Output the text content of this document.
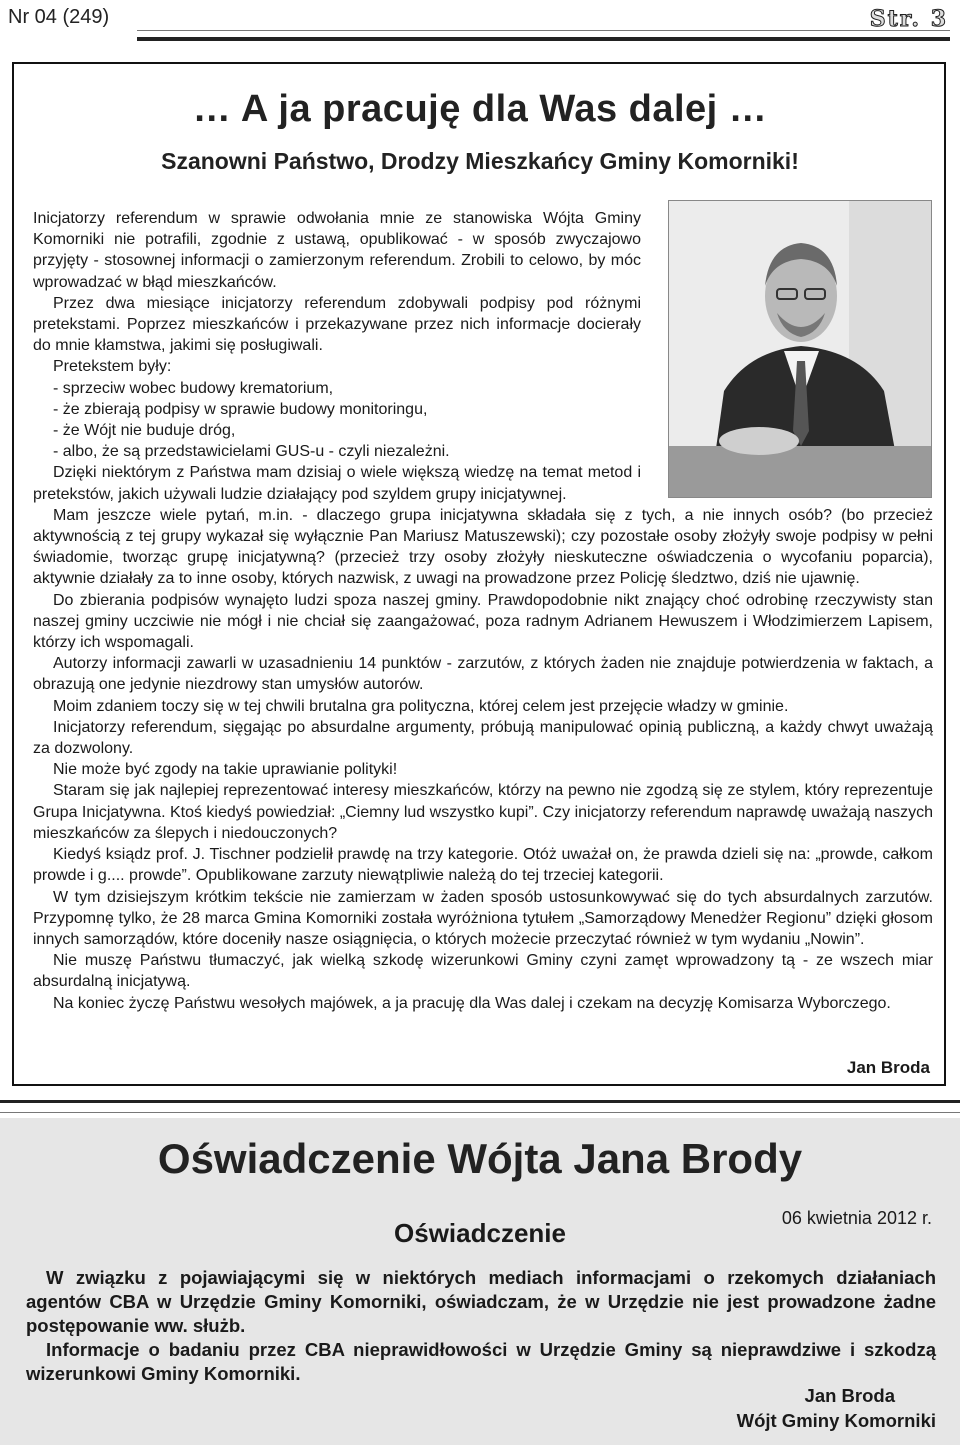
Nr 04 (249)	Str. 3
… A ja pracuję dla Was dalej …
Szanowni Państwo, Drodzy Mieszkańcy Gminy Komorniki!

Inicjatorzy referendum w sprawie odwołania mnie ze stanowiska Wójta Gminy Komorniki nie potrafili, zgodnie z ustawą, opublikować - w sposób zwyczajowo przyjęty - stosownej informacji o zamierzonym referendum. Zrobili to celowo, by móc wprowadzać w błąd mieszkańców.

Przez dwa miesiące inicjatorzy referendum zdobywali podpisy pod różnymi pretekstami. Poprzez mieszkańców i przekazywane przez nich informacje docierały do mnie kłamstwa, jakimi się posługiwali.

Pretekstem były:

- sprzeciw wobec budowy krematorium,

- że zbierają podpisy w sprawie budowy monitoringu,

- że Wójt nie buduje dróg,

- albo, że są przedstawicielami GUS-u - czyli niezależni.

Dzięki niektórym z Państwa mam dzisiaj o wiele większą wiedzę na temat metod i pretekstów, jakich używali ludzie działający pod szyldem grupy inicjatywnej.

Mam jeszcze wiele pytań, m.in. - dlaczego grupa inicjatywna składała się z tych, a nie innych osób? (bo przecież aktywnością z tej grupy wykazał się wyłącznie Pan Mariusz Matuszewski); czy pozostałe osoby złożyły swoje podpisy w pełni świadomie, tworząc grupę inicjatywną? (przecież trzy osoby złożyły nieskuteczne oświadczenia o wycofaniu poparcia), aktywnie działały za to inne osoby, których nazwisk, z uwagi na prowadzone przez Policję śledztwo, dziś nie ujawnię.

Do zbierania podpisów wynajęto ludzi spoza naszej gminy. Prawdopodobnie nikt znający choć odrobinę rzeczywisty stan naszej gminy uczciwie nie mógł i nie chciał się zaangażować, poza radnym Adrianem Hewuszem i Włodzimierzem Lapisem, którzy ich wspomagali.

Autorzy informacji zawarli w uzasadnieniu 14 punktów - zarzutów, z których żaden nie znajduje potwierdzenia w faktach, a obrazują one jedynie niezdrowy stan umysłów autorów.

Moim zdaniem toczy się w tej chwili brutalna gra polityczna, której celem jest przejęcie władzy w gminie.

Inicjatorzy referendum, sięgając po absurdalne argumenty, próbują manipulować opinią publiczną, a każdy chwyt uważają za dozwolony.

Nie może być zgody na takie uprawianie polityki!

Staram się jak najlepiej reprezentować interesy mieszkańców, którzy na pewno nie zgodzą się ze stylem, który reprezentuje Grupa Inicjatywna. Ktoś kiedyś powiedział: „Ciemny lud wszystko kupi”. Czy inicjatorzy referendum naprawdę uważają naszych mieszkańców za ślepych i niedouczonych?

Kiedyś ksiądz prof. J. Tischner podzielił prawdę na trzy kategorie. Otóż uważał on, że prawda dzieli się na: „prowde, całkom prowde i g.... prowde”. Opublikowane zarzuty niewątpliwie należą do tej trzeciej kategorii.

W tym dzisiejszym krótkim tekście nie zamierzam w żaden sposób ustosunkowywać się do tych absurdalnych zarzutów. Przypomnę tylko, że 28 marca Gmina Komorniki została wyróżniona tytułem „Samorządowy Menedżer Regionu” dzięki głosom innych samorządów, które doceniły nasze osiągnięcia, o których możecie przeczytać również w tym wydaniu „Nowin”.

Nie muszę Państwu tłumaczyć, jak wielką szkodę wizerunkowi Gminy czyni zamęt wprowadzony tą - ze wszech miar absurdalną inicjatywą.

Na koniec życzę Państwu wesołych majówek, a ja pracuję dla Was dalej i czekam na decyzję Komisarza Wyborczego.

Jan Broda
Oświadczenie Wójta Jana Brody
06 kwietnia 2012 r.
Oświadczenie

W związku z pojawiającymi się w niektórych mediach informacjami o rzekomych działaniach agentów CBA w Urzędzie Gminy Komorniki, oświadczam, że w Urzędzie nie jest prowadzone żadne postępowanie ww. służb.

Informacje o badaniu przez CBA nieprawidłowości w Urzędzie Gminy są nieprawdziwe i szkodzą wizerunkowi Gminy Komorniki.

Jan Broda
Wójt Gminy Komorniki
